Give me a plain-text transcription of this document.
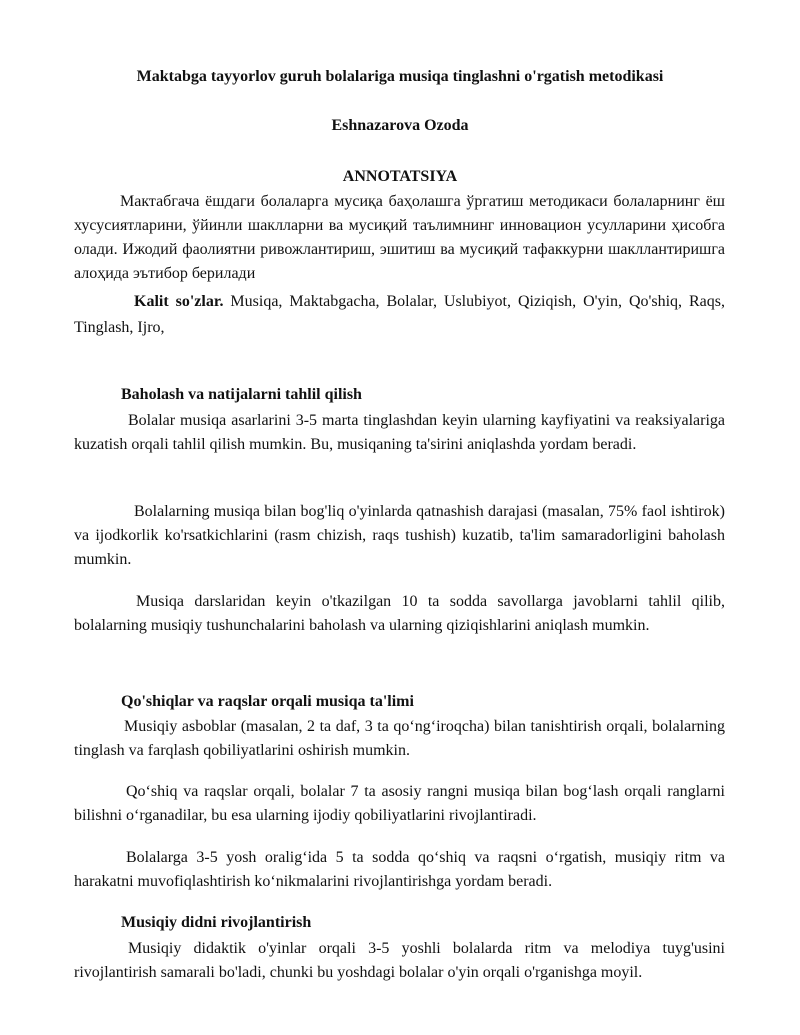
Maktabga tayyorlov guruh bolalariga musiqa tinglashni o'rgatish metodikasi
Eshnazarova Ozoda
ANNOTATSIYA
Мактабгача ёшдаги болаларга мусиқа баҳолашга ўргатиш методикаси болаларнинг ёш хусусиятларини, ўйинли шаклларни ва мусиқий таълимнинг инновацион усулларини ҳисобга олади. Ижодий фаолиятни ривожлантириш, эшитиш ва мусиқий тафаккурни шакллантиришга алоҳида эътибор берилади
Kalit so'zlar. Musiqa, Maktabgacha, Bolalar, Uslubiyot, Qiziqish, O'yin, Qo'shiq, Raqs, Tinglash, Ijro,
Baholash va natijalarni tahlil qilish
Bolalar musiqa asarlarini 3-5 marta tinglashdan keyin ularning kayfiyatini va reaksiyalariga kuzatish orqali tahlil qilish mumkin. Bu, musiqaning ta'sirini aniqlashda yordam beradi.
Bolalarning musiqa bilan bog'liq o'yinlarda qatnashish darajasi (masalan, 75% faol ishtirok) va ijodkorlik ko'rsatkichlarini (rasm chizish, raqs tushish) kuzatib, ta'lim samaradorligini baholash mumkin.
Musiqa darslaridan keyin o'tkazilgan 10 ta sodda savollarga javoblarni tahlil qilib, bolalarning musiqiy tushunchalarini baholash va ularning qiziqishlarini aniqlash mumkin.
Qo'shiqlar va raqslar orqali musiqa ta'limi
Musiqiy asboblar (masalan, 2 ta daf, 3 ta qo‘ng‘iroqcha) bilan tanishtirish orqali, bolalarning tinglash va farqlash qobiliyatlarini oshirish mumkin.
Qo‘shiq va raqslar orqali, bolalar 7 ta asosiy rangni musiqa bilan bog‘lash orqali ranglarni bilishni o‘rganadilar, bu esa ularning ijodiy qobiliyatlarini rivojlantiradi.
Bolalarga 3-5 yosh oralig‘ida 5 ta sodda qo‘shiq va raqsni o‘rgatish, musiqiy ritm va harakatni muvofiqlashtirish ko‘nikmalarini rivojlantirishga yordam beradi.
Musiqiy didni rivojlantirish
Musiqiy didaktik o'yinlar orqali 3-5 yoshli bolalarda ritm va melodiya tuyg'usini rivojlantirish samarali bo'ladi, chunki bu yoshdagi bolalar o'yin orqali o'rganishga moyil.
